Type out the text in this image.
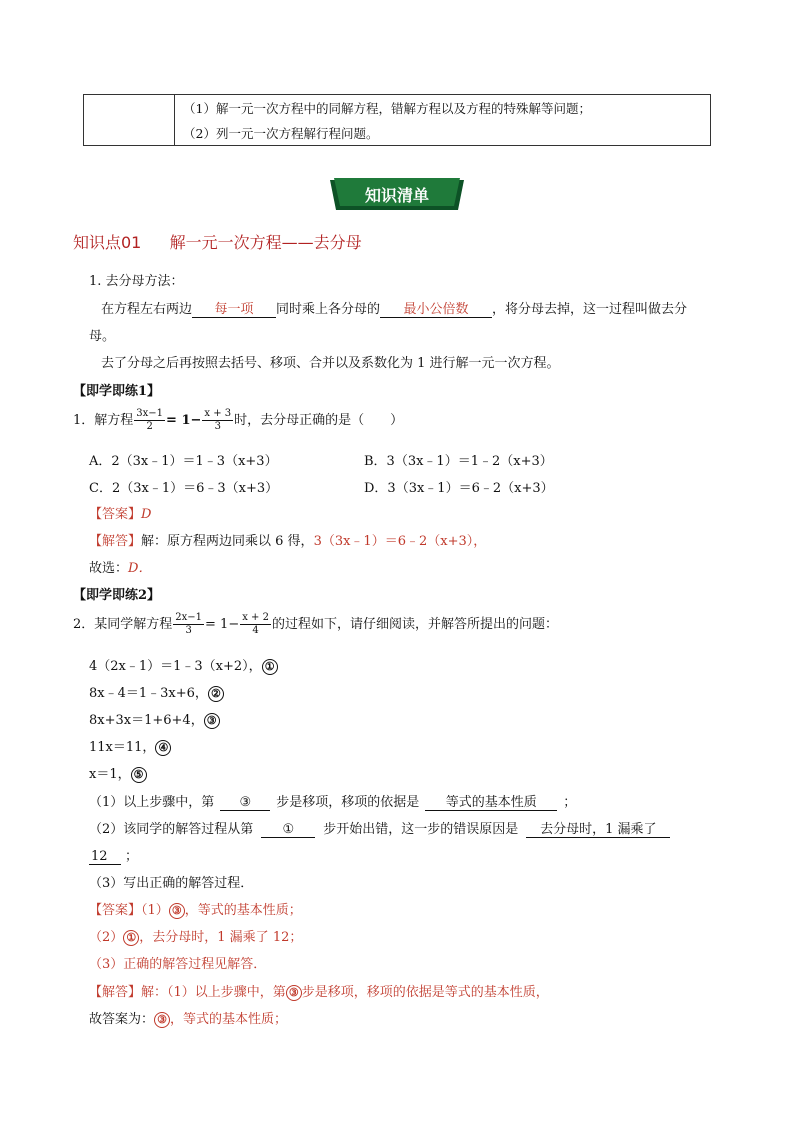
	（1）解一元一次方程中的同解方程，错解方程以及方程的特殊解等问题；
（2）列一元一次方程解行程问题。
知识清单
知识点01 解一元一次方程——去分母
1. 去分母方法：
在方程左右两边 每一项 同时乘上各分母的 最小公倍数 ，将分母去掉，这一过程叫做去分
母。
去了分母之后再按照去括号、移项、合并以及系数化为 1 进行解一元一次方程。
【即学即练1】
1．解方程 $\frac{3x-1}{2} = 1- \frac{x + 3}{3}$ 时，去分母正确的是（　　）
A．2（3x﹣1）＝1﹣3（x+3）	B．3（3x﹣1）＝1﹣2（x+3）
C．2（3x﹣1）＝6﹣3（x+3）	D．3（3x﹣1）＝6﹣2（x+3）
【答案】D
【解答】解：原方程两边同乘以 6 得，3（3x﹣1）＝6﹣2（x+3），
故选：D．
【即学即练2】
2．某同学解方程 $\frac{2x-1}{3} = 1- \frac{x + 2}{4}$ 的过程如下，请仔细阅读，并解答所提出的问题：
4（2x﹣1）＝1﹣3（x+2）， ①
8x﹣4＝1﹣3x+6， ②
8x+3x＝1+6+4， ③
11x＝11， ④
x＝1， ⑤
（1）以上步骤中，第 ③ 步是移项，移项的依据是 等式的基本性质 ；
（2）该同学的解答过程从第 ① 步开始出错，这一步的错误原因是 去分母时，1 漏乘了
12 ；
（3）写出正确的解答过程．
【答案】（1） ③ ，等式的基本性质；
（2） ① ，去分母时，1 漏乘了 12；
（3）正确的解答过程见解答．
【解答】解：（1）以上步骤中，第 ③ 步是移项，移项的依据是等式的基本性质，
故答案为： ③ ，等式的基本性质；
